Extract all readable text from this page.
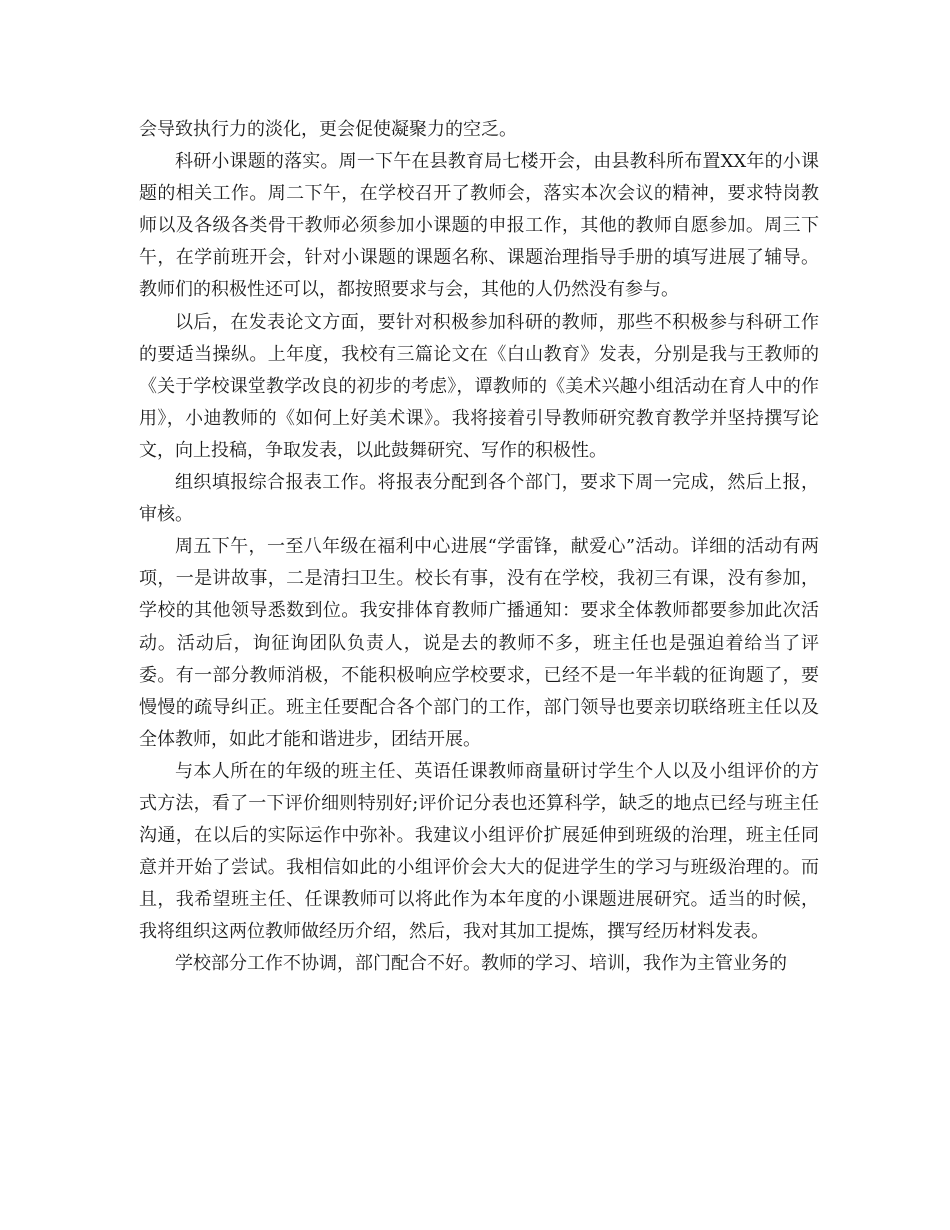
会导致执行力的淡化，更会促使凝聚力的空乏。

科研小课题的落实。周一下午在县教育局七楼开会，由县教科所布置XX年的小课题的相关工作。周二下午，在学校召开了教师会，落实本次会议的精神，要求特岗教师以及各级各类骨干教师必须参加小课题的申报工作，其他的教师自愿参加。周三下午，在学前班开会，针对小课题的课题名称、课题治理指导手册的填写进展了辅导。教师们的积极性还可以，都按照要求与会，其他的人仍然没有参与。

以后，在发表论文方面，要针对积极参加科研的教师，那些不积极参与科研工作的要适当操纵。上年度，我校有三篇论文在《白山教育》发表，分别是我与王教师的《关于学校课堂教学改良的初步的考虑》，谭教师的《美术兴趣小组活动在育人中的作用》，小迪教师的《如何上好美术课》。我将接着引导教师研究教育教学并坚持撰写论文，向上投稿，争取发表，以此鼓舞研究、写作的积极性。

组织填报综合报表工作。将报表分配到各个部门，要求下周一完成，然后上报，审核。

周五下午，一至八年级在福利中心进展“学雷锋，献爱心”活动。详细的活动有两项，一是讲故事，二是清扫卫生。校长有事，没有在学校，我初三有课，没有参加，学校的其他领导悉数到位。我安排体育教师广播通知：要求全体教师都要参加此次活动。活动后，询征询团队负责人，说是去的教师不多，班主任也是强迫着给当了评委。有一部分教师消极，不能积极响应学校要求，已经不是一年半载的征询题了，要慢慢的疏导纠正。班主任要配合各个部门的工作，部门领导也要亲切联络班主任以及全体教师，如此才能和谐进步，团结开展。

与本人所在的年级的班主任、英语任课教师商量研讨学生个人以及小组评价的方式方法，看了一下评价细则特别好;评价记分表也还算科学，缺乏的地点已经与班主任沟通，在以后的实际运作中弥补。我建议小组评价扩展延伸到班级的治理，班主任同意并开始了尝试。我相信如此的小组评价会大大的促进学生的学习与班级治理的。而且，我希望班主任、任课教师可以将此作为本年度的小课题进展研究。适当的时候，我将组织这两位教师做经历介绍，然后，我对其加工提炼，撰写经历材料发表。

学校部分工作不协调，部门配合不好。教师的学习、培训，我作为主管业务的
